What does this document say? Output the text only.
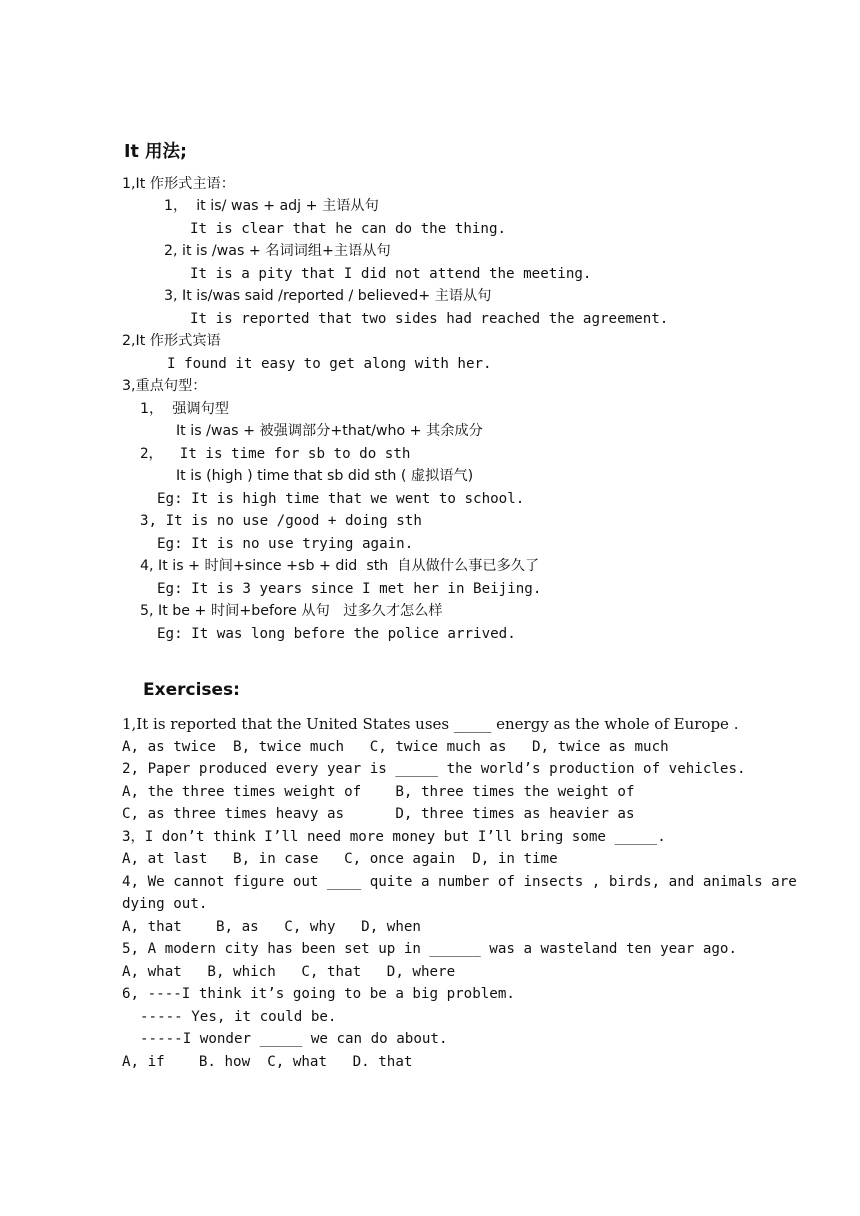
It 用法;
1,It 作形式主语：
1，  it is/ was + adj + 主语从句
It is clear that he can do the thing.
2, it is /was + 名词词组+主语从句
It is a pity that I did not attend the meeting.
3, It is/was said /reported / believed+ 主语从句
It is reported that two sides had reached the agreement.
2,It 作形式宾语
I found it easy to get along with her.
3,重点句型：
1，  强调句型
It is /was + 被强调部分+that/who + 其余成分
2，  It is time for sb to do sth
It is (high ) time that sb did sth ( 虚拟语气)
Eg: It is high time that we went to school.
3, It is no use /good + doing sth
Eg: It is no use trying again.
4, It is + 时间+since +sb + did  sth  自从做什么事已多久了
Eg: It is 3 years since I met her in Beijing.
5, It be + 时间+before 从句   过多久才怎么样
Eg: It was long before the police arrived.
Exercises:
1,It is reported that the United States uses _____ energy as the whole of Europe .
A, as twice  B, twice much   C, twice much as   D, twice as much
2, Paper produced every year is _____ the world’s production of vehicles.
A, the three times weight of    B, three times the weight of
C, as three times heavy as      D, three times as heavier as
3，I don’t think I’ll need more money but I’ll bring some _____.
A, at last   B, in case   C, once again  D, in time
4, We cannot figure out ____ quite a number of insects , birds, and animals are
dying out.
A, that    B, as   C, why   D, when
5, A modern city has been set up in ______ was a wasteland ten year ago.
A, what   B, which   C, that   D, where
6, ----I think it’s going to be a big problem.
----- Yes, it could be.
-----I wonder _____ we can do about.
A, if    B. how  C, what   D. that
